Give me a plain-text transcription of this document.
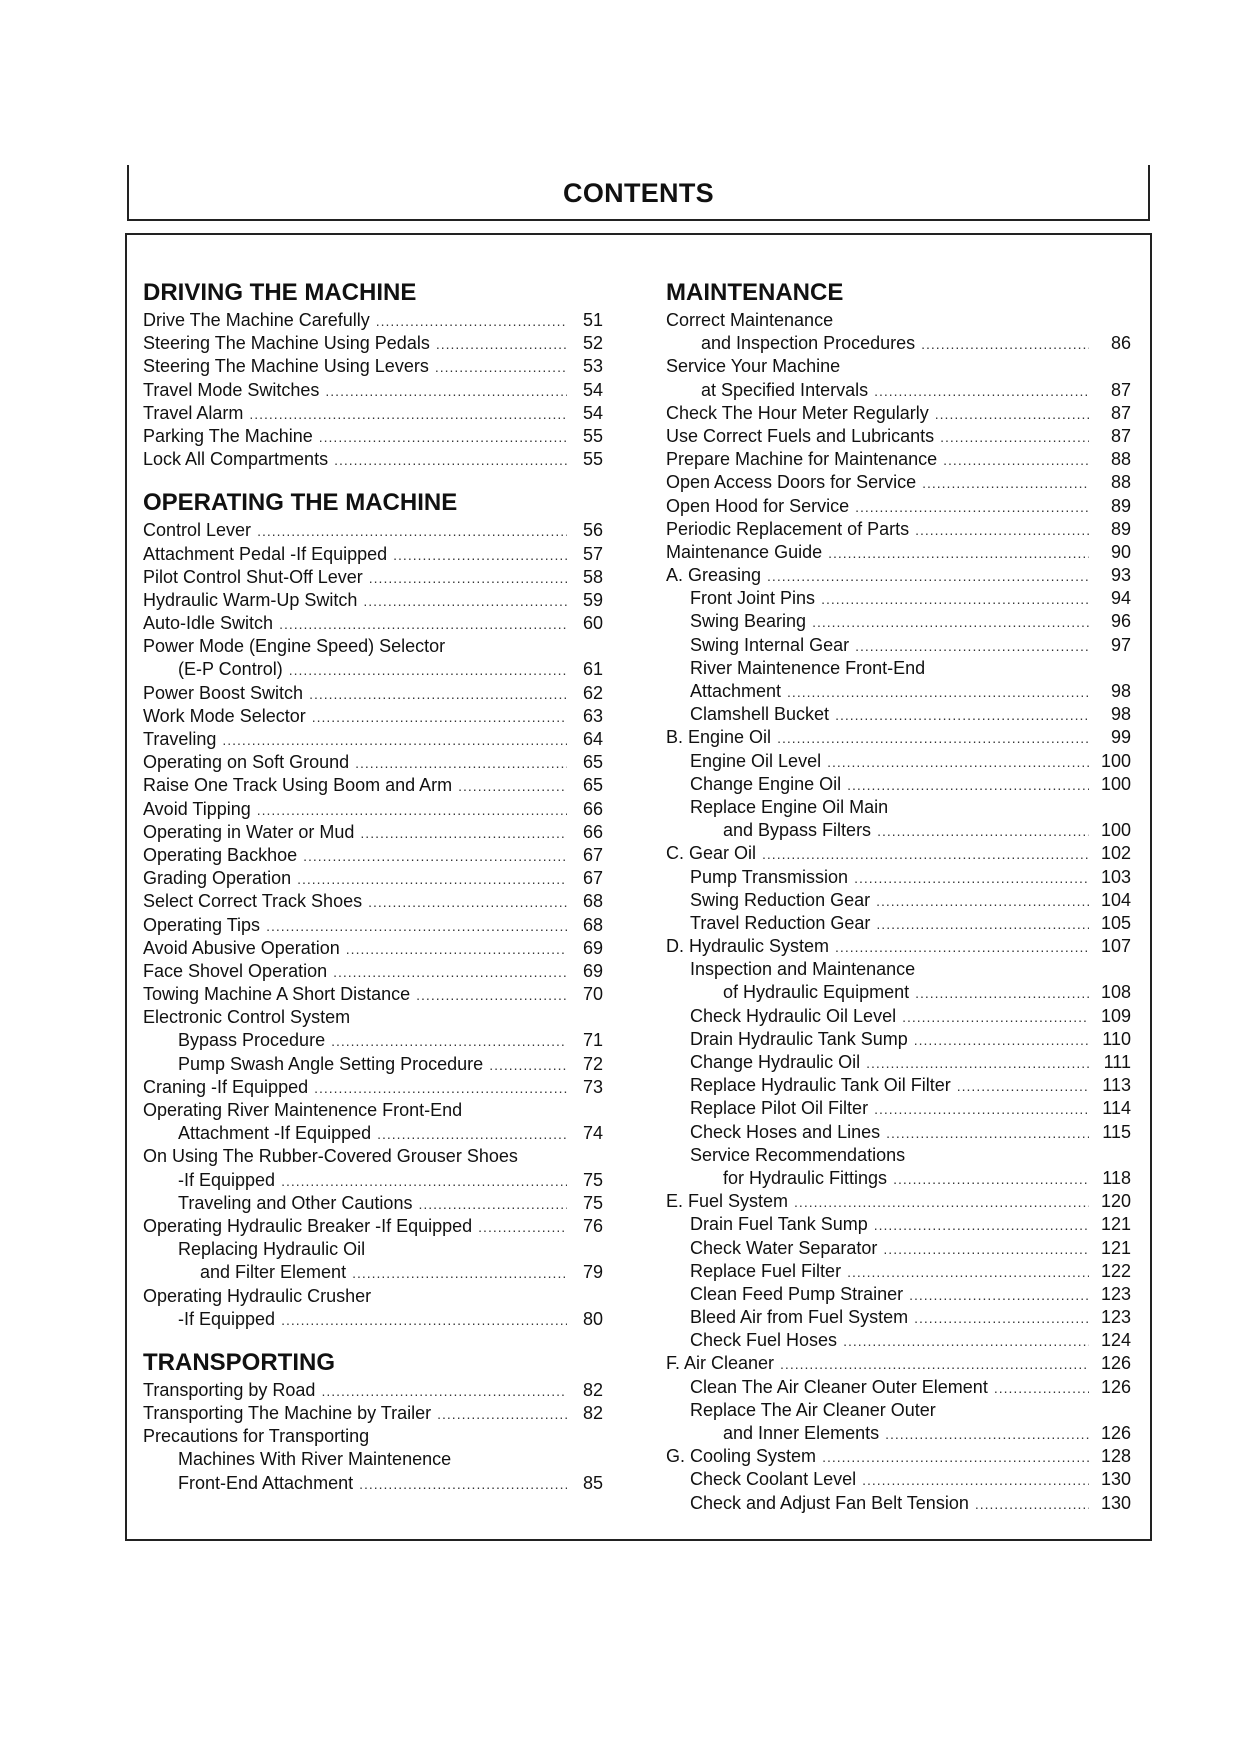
CONTENTS
DRIVING THE MACHINE
Drive The Machine Carefully .....	51
Steering The Machine Using Pedals .....	52
Steering The Machine Using Levers .....	53
Travel Mode Switches .....	54
Travel Alarm .....	54
Parking The Machine .....	55
Lock All Compartments .....	55
OPERATING THE MACHINE
Control Lever .....	56
Attachment Pedal -If Equipped .....	57
Pilot Control Shut-Off Lever .....	58
Hydraulic Warm-Up Switch .....	59
Auto-Idle Switch .....	60
Power Mode (Engine Speed) Selector
(E-P Control) .....	61
Power Boost Switch .....	62
Work Mode Selector .....	63
Traveling .....	64
Operating on Soft Ground .....	65
Raise One Track Using Boom and Arm .....	65
Avoid Tipping .....	66
Operating in Water or Mud .....	66
Operating Backhoe .....	67
Grading Operation .....	67
Select Correct Track Shoes .....	68
Operating Tips .....	68
Avoid Abusive Operation .....	69
Face Shovel Operation .....	69
Towing Machine A Short Distance .....	70
Electronic Control System
Bypass Procedure .....	71
Pump Swash Angle Setting Procedure .....	72
Craning -If Equipped .....	73
Operating River Maintenence Front-End
Attachment -If Equipped .....	74
On Using The Rubber-Covered Grouser Shoes
-If Equipped .....	75
Traveling and Other Cautions .....	75
Operating Hydraulic Breaker -If Equipped .....	76
Replacing Hydraulic Oil
and Filter Element .....	79
Operating Hydraulic Crusher
-If Equipped .....	80
TRANSPORTING
Transporting by Road .....	82
Transporting The Machine by Trailer .....	82
Precautions for Transporting
Machines With River Maintenence
Front-End Attachment .....	85
MAINTENANCE
Correct Maintenance
and Inspection Procedures .....	86
Service Your Machine
at Specified Intervals .....	87
Check The Hour Meter Regularly .....	87
Use Correct Fuels and Lubricants .....	87
Prepare Machine for Maintenance .....	88
Open Access Doors for Service .....	88
Open Hood for Service .....	89
Periodic Replacement of Parts .....	89
Maintenance Guide .....	90
A. Greasing .....	93
Front Joint Pins .....	94
Swing Bearing .....	96
Swing Internal Gear .....	97
River Maintenence Front-End
Attachment .....	98
Clamshell Bucket .....	98
B. Engine Oil .....	99
Engine Oil Level .....	100
Change Engine Oil .....	100
Replace Engine Oil Main
and Bypass Filters .....	100
C. Gear Oil .....	102
Pump Transmission .....	103
Swing Reduction Gear .....	104
Travel Reduction Gear .....	105
D. Hydraulic System .....	107
Inspection and Maintenance
of Hydraulic Equipment .....	108
Check Hydraulic Oil Level .....	109
Drain Hydraulic Tank Sump .....	110
Change Hydraulic Oil .....	111
Replace Hydraulic Tank Oil Filter .....	113
Replace Pilot Oil Filter .....	114
Check Hoses and Lines .....	115
Service Recommendations
for Hydraulic Fittings .....	118
E. Fuel System .....	120
Drain Fuel Tank Sump .....	121
Check Water Separator .....	121
Replace Fuel Filter .....	122
Clean Feed Pump Strainer .....	123
Bleed Air from Fuel System .....	123
Check Fuel Hoses .....	124
F. Air Cleaner .....	126
Clean The Air Cleaner Outer Element .....	126
Replace The Air Cleaner Outer
and Inner Elements .....	126
G. Cooling System .....	128
Check Coolant Level .....	130
Check and Adjust Fan Belt Tension .....	130
